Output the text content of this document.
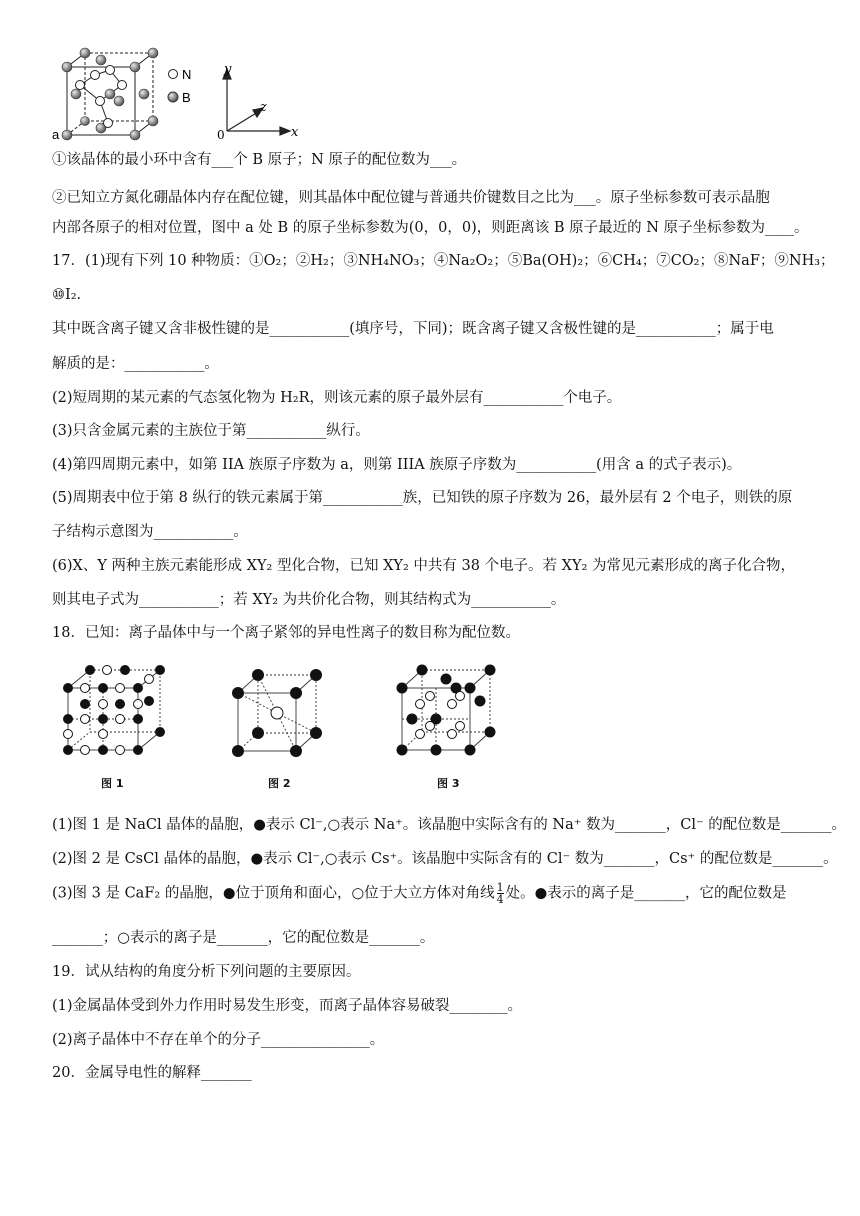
N
B
a
y
z
x
0
①该晶体的最小环中含有___个 B 原子；N 原子的配位数为___。
②已知立方氮化硼晶体内存在配位键，则其晶体中配位键与普通共价键数目之比为___。原子坐标参数可表示晶胞
内部各原子的相对位置，图中 a 处 B 的原子坐标参数为(0，0，0)，则距离该 B 原子最近的 N 原子坐标参数为____。
17．(1)现有下列 10 种物质：①O₂；②H₂；③NH₄NO₃；④Na₂O₂；⑤Ba(OH)₂；⑥CH₄；⑦CO₂；⑧NaF；⑨NH₃；
⑩I₂.
其中既含离子键又含非极性键的是___________(填序号，下同)；既含离子键又含极性键的是___________；属于电
解质的是：___________。
(2)短周期的某元素的气态氢化物为 H₂R，则该元素的原子最外层有___________个电子。
(3)只含金属元素的主族位于第___________纵行。
(4)第四周期元素中，如第 IIA 族原子序数为 a，则第 IIIA 族原子序数为___________(用含 a 的式子表示)。
(5)周期表中位于第 8 纵行的铁元素属于第___________族，已知铁的原子序数为 26，最外层有 2 个电子，则铁的原
子结构示意图为___________。
(6)X、Y 两种主族元素能形成 XY₂ 型化合物，已知 XY₂ 中共有 38 个电子。若 XY₂ 为常见元素形成的离子化合物，
则其电子式为___________；若 XY₂ 为共价化合物，则其结构式为___________。
18．已知：离子晶体中与一个离子紧邻的异电性离子的数目称为配位数。
图 1	图 2	图 3
(1)图 1 是 NaCl 晶体的晶胞，●表示 Cl⁻,○表示 Na⁺。该晶胞中实际含有的 Na⁺ 数为_______，Cl⁻ 的配位数是_______。
(2)图 2 是 CsCl 晶体的晶胞，●表示 Cl⁻,○表示 Cs⁺。该晶胞中实际含有的 Cl⁻ 数为_______，Cs⁺ 的配位数是_______。
(3)图 3 是 CaF₂ 的晶胞，●位于顶角和面心，○位于大立方体对角线 $\frac{1}{4}$ 处。●表示的离子是_______，它的配位数是
_______；○表示的离子是_______，它的配位数是_______。
19．试从结构的角度分析下列问题的主要原因。
(1)金属晶体受到外力作用时易发生形变，而离子晶体容易破裂________。
(2)离子晶体中不存在单个的分子_______________。
20．金属导电性的解释_______
